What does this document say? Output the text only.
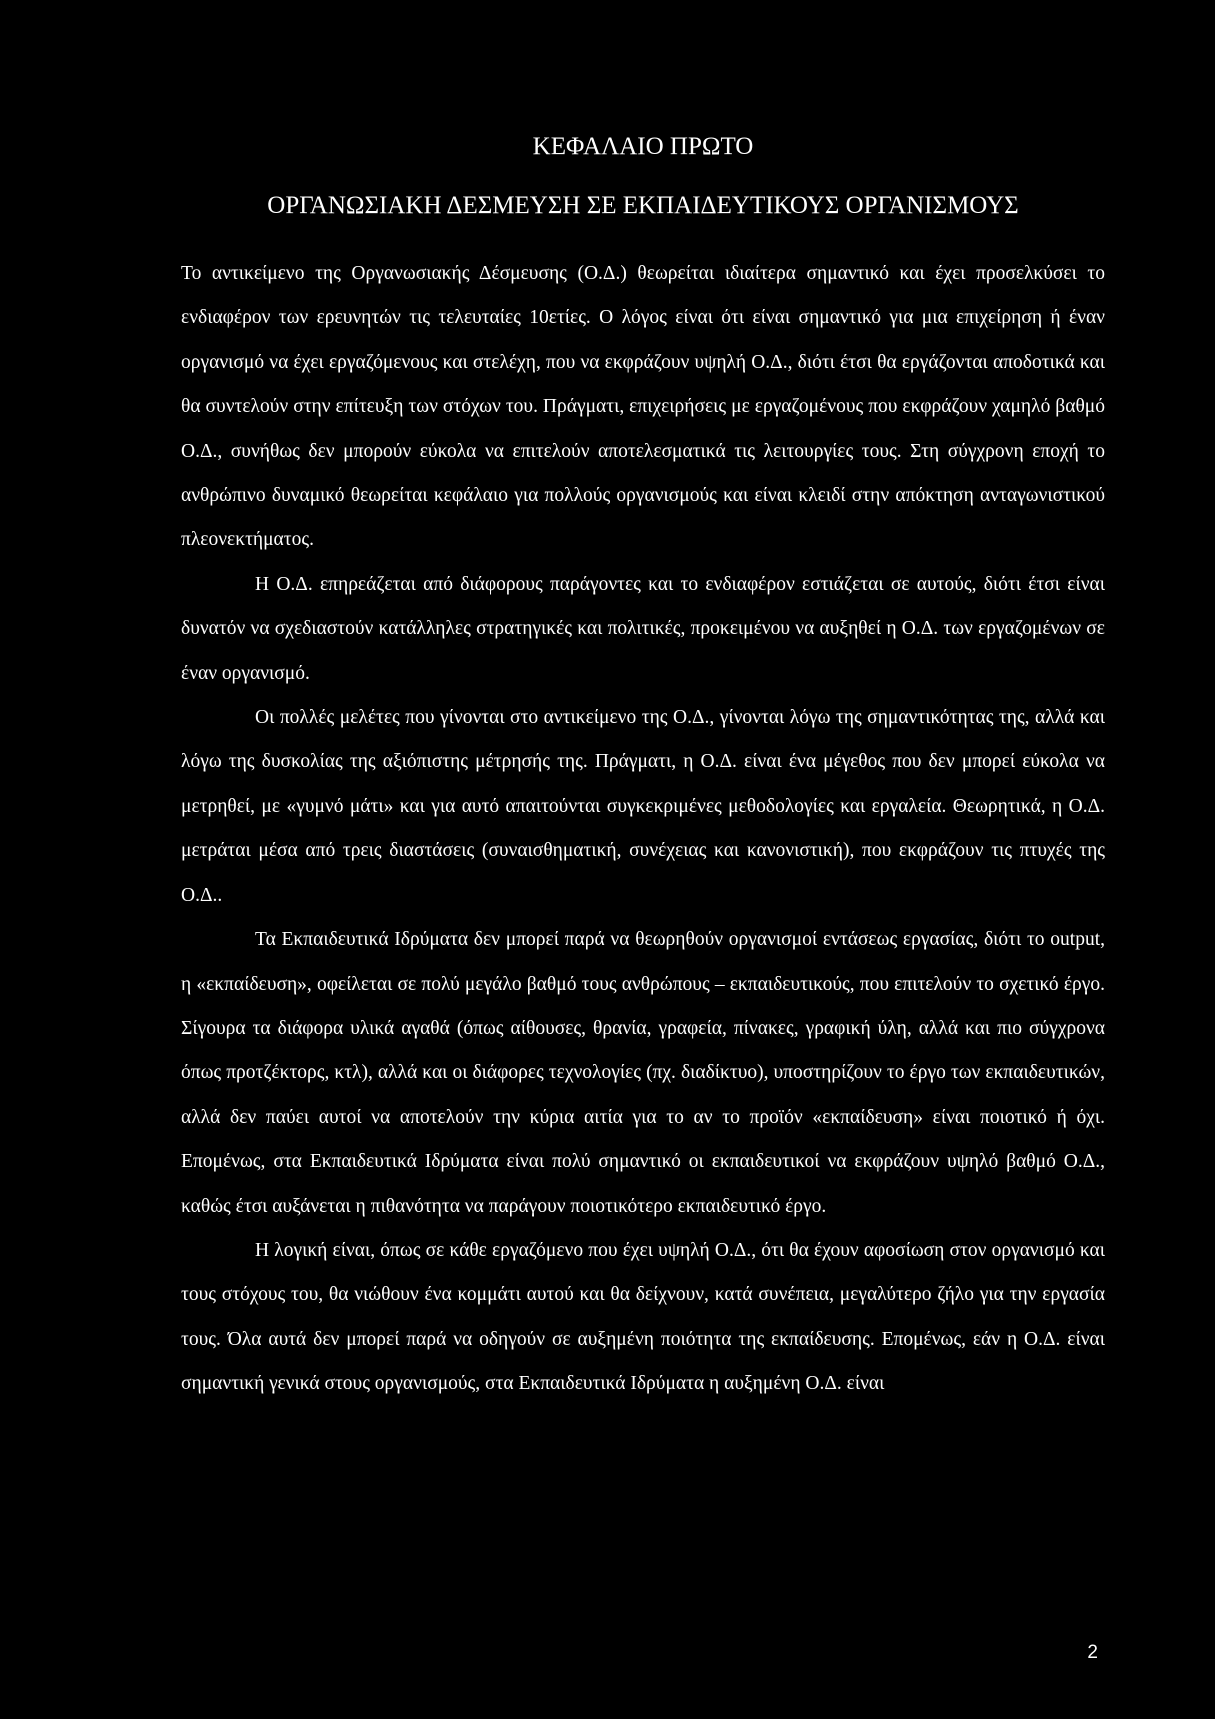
ΚΕΦΑΛΑΙΟ ΠΡΩΤΟ
ΟΡΓΑΝΩΣΙΑΚΗ ΔΕΣΜΕΥΣΗ ΣΕ ΕΚΠΑΙΔΕΥΤΙΚΟΥΣ ΟΡΓΑΝΙΣΜΟΥΣ

Το αντικείμενο της Οργανωσιακής Δέσμευσης (Ο.Δ.) θεωρείται ιδιαίτερα σημαντικό και έχει προσελκύσει το ενδιαφέρον των ερευνητών τις τελευταίες 10ετίες. Ο λόγος είναι ότι είναι σημαντικό για μια επιχείρηση ή έναν οργανισμό να έχει εργαζόμενους και στελέχη, που να εκφράζουν υψηλή Ο.Δ., διότι έτσι θα εργάζονται αποδοτικά και θα συντελούν στην επίτευξη των στόχων του. Πράγματι, επιχειρήσεις με εργαζομένους που εκφράζουν χαμηλό βαθμό Ο.Δ., συνήθως δεν μπορούν εύκολα να επιτελούν αποτελεσματικά τις λειτουργίες τους. Στη σύγχρονη εποχή το ανθρώπινο δυναμικό θεωρείται κεφάλαιο για πολλούς οργανισμούς και είναι κλειδί στην απόκτηση ανταγωνιστικού πλεονεκτήματος.

Η Ο.Δ. επηρεάζεται από διάφορους παράγοντες και το ενδιαφέρον εστιάζεται σε αυτούς, διότι έτσι είναι δυνατόν να σχεδιαστούν κατάλληλες στρατηγικές και πολιτικές, προκειμένου να αυξηθεί η Ο.Δ. των εργαζομένων σε έναν οργανισμό.

Οι πολλές μελέτες που γίνονται στο αντικείμενο της Ο.Δ., γίνονται λόγω της σημαντικότητας της, αλλά και λόγω της δυσκολίας της αξιόπιστης μέτρησής της. Πράγματι, η Ο.Δ. είναι ένα μέγεθος που δεν μπορεί εύκολα να μετρηθεί, με «γυμνό μάτι» και για αυτό απαιτούνται συγκεκριμένες μεθοδολογίες και εργαλεία. Θεωρητικά, η Ο.Δ. μετράται μέσα από τρεις διαστάσεις (συναισθηματική, συνέχειας και κανονιστική), που εκφράζουν τις πτυχές της Ο.Δ..

Τα Εκπαιδευτικά Ιδρύματα δεν μπορεί παρά να θεωρηθούν οργανισμοί εντάσεως εργασίας, διότι το output, η «εκπαίδευση», οφείλεται σε πολύ μεγάλο βαθμό τους ανθρώπους – εκπαιδευτικούς, που επιτελούν το σχετικό έργο. Σίγουρα τα διάφορα υλικά αγαθά (όπως αίθουσες, θρανία, γραφεία, πίνακες, γραφική ύλη, αλλά και πιο σύγχρονα όπως προτζέκτορς, κτλ), αλλά και οι διάφορες τεχνολογίες (πχ. διαδίκτυο), υποστηρίζουν το έργο των εκπαιδευτικών, αλλά δεν παύει αυτοί να αποτελούν την κύρια αιτία για το αν το προϊόν «εκπαίδευση» είναι ποιοτικό ή όχι. Επομένως, στα Εκπαιδευτικά Ιδρύματα είναι πολύ σημαντικό οι εκπαιδευτικοί να εκφράζουν υψηλό βαθμό Ο.Δ., καθώς έτσι αυξάνεται η πιθανότητα να παράγουν ποιοτικότερο εκπαιδευτικό έργο.

Η λογική είναι, όπως σε κάθε εργαζόμενο που έχει υψηλή Ο.Δ., ότι θα έχουν αφοσίωση στον οργανισμό και τους στόχους του, θα νιώθουν ένα κομμάτι αυτού και θα δείχνουν, κατά συνέπεια, μεγαλύτερο ζήλο για την εργασία τους. Όλα αυτά δεν μπορεί παρά να οδηγούν σε αυξημένη ποιότητα της εκπαίδευσης. Επομένως, εάν η Ο.Δ. είναι σημαντική γενικά στους οργανισμούς, στα Εκπαιδευτικά Ιδρύματα η αυξημένη Ο.Δ. είναι

2
